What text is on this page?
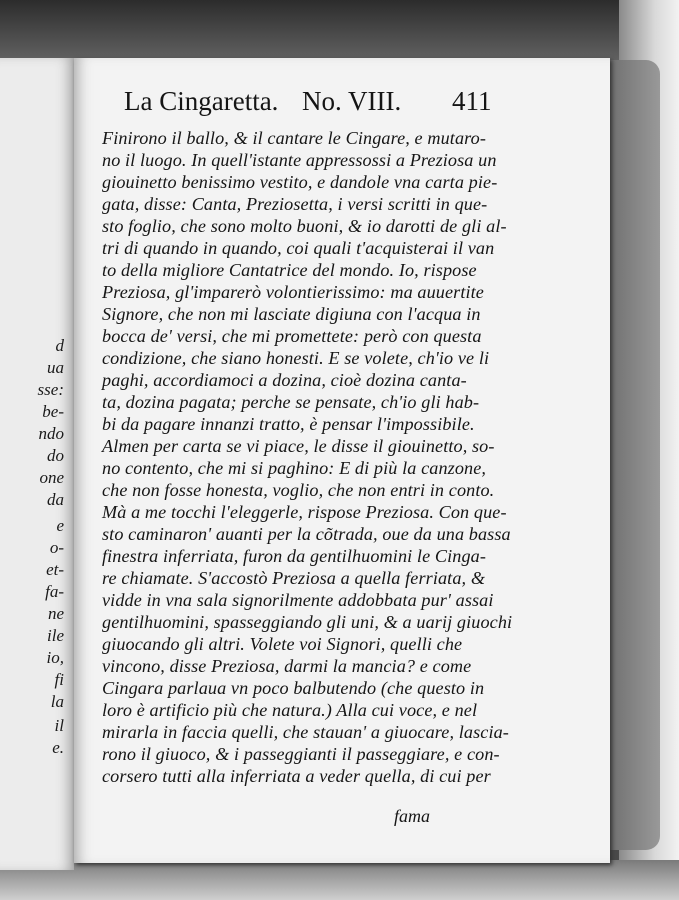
d
ua
sse:
be-
ndo
do
one
da
e
o-
et-
fa-
ne
ile
io,
fi
la
il
e.
La Cingaretta. No. VIII. 411
Finirono il ballo, & il cantare le Cingare, e mutaro-
no il luogo. In quell'istante appressossi a Preziosa un
giouinetto benissimo vestito, e dandole vna carta pie-
gata, disse: Canta, Preziosetta, i versi scritti in que-
sto foglio, che sono molto buoni, & io darotti de gli al-
tri di quando in quando, coi quali t'acquisterai il van
to della migliore Cantatrice del mondo. Io, rispose
Preziosa, gl'imparerò volontierissimo: ma auuertite
Signore, che non mi lasciate digiuna con l'acqua in
bocca de' versi, che mi promettete: però con questa
condizione, che siano honesti. E se volete, ch'io ve li
paghi, accordiamoci a dozina, cioè dozina canta-
ta, dozina pagata; perche se pensate, ch'io gli hab-
bi da pagare innanzi tratto, è pensar l'impossibile.
Almen per carta se vi piace, le disse il giouinetto, so-
no contento, che mi si paghino: E di più la canzone,
che non fosse honesta, voglio, che non entri in conto.
Mà a me tocchi l'eleggerle, rispose Preziosa. Con que-
sto caminaron' auanti per la cõtrada, oue da una bassa
finestra inferriata, furon da gentilhuomini le Cinga-
re chiamate. S'accostò Preziosa a quella ferriata, &
vidde in vna sala signorilmente addobbata pur' assai
gentilhuomini, spasseggiando gli uni, & a uarij giuochi
giuocando gli altri. Volete voi Signori, quelli che
vincono, disse Preziosa, darmi la mancia? e come
Cingara parlaua vn poco balbutendo (che questo in
loro è artificio più che natura.) Alla cui voce, e nel
mirarla in faccia quelli, che stauan' a giuocare, lascia-
rono il giuoco, & i passeggianti il passeggiare, e con-
corsero tutti alla inferriata a veder quella, di cui per
fama
